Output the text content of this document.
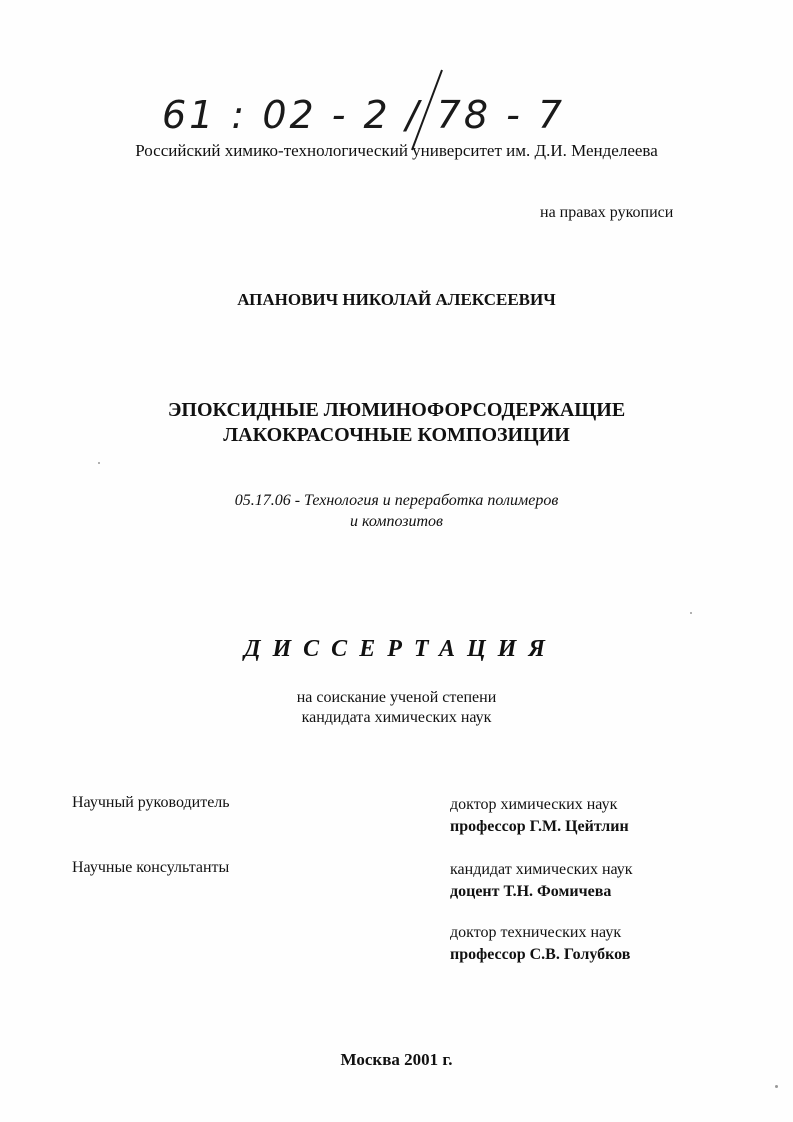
61 : 02 - 2 / 78 - 7
Российский химико-технологический университет им. Д.И. Менделеева
на правах рукописи
АПАНОВИЧ НИКОЛАЙ АЛЕКСЕЕВИЧ
ЭПОКСИДНЫЕ ЛЮМИНОФОРСОДЕРЖАЩИЕ
ЛАКОКРАСОЧНЫЕ КОМПОЗИЦИИ
05.17.06 - Технология и переработка полимеров
и композитов
ДИССЕРТАЦИЯ
на соискание ученой степени
кандидата химических наук
Научный руководитель	доктор химических наук
профессор Г.М. Цейтлин
Научные консультанты	кандидат химических наук
доцент Т.Н. Фомичева
доктор технических наук
профессор С.В. Голубков
Москва 2001 г.
